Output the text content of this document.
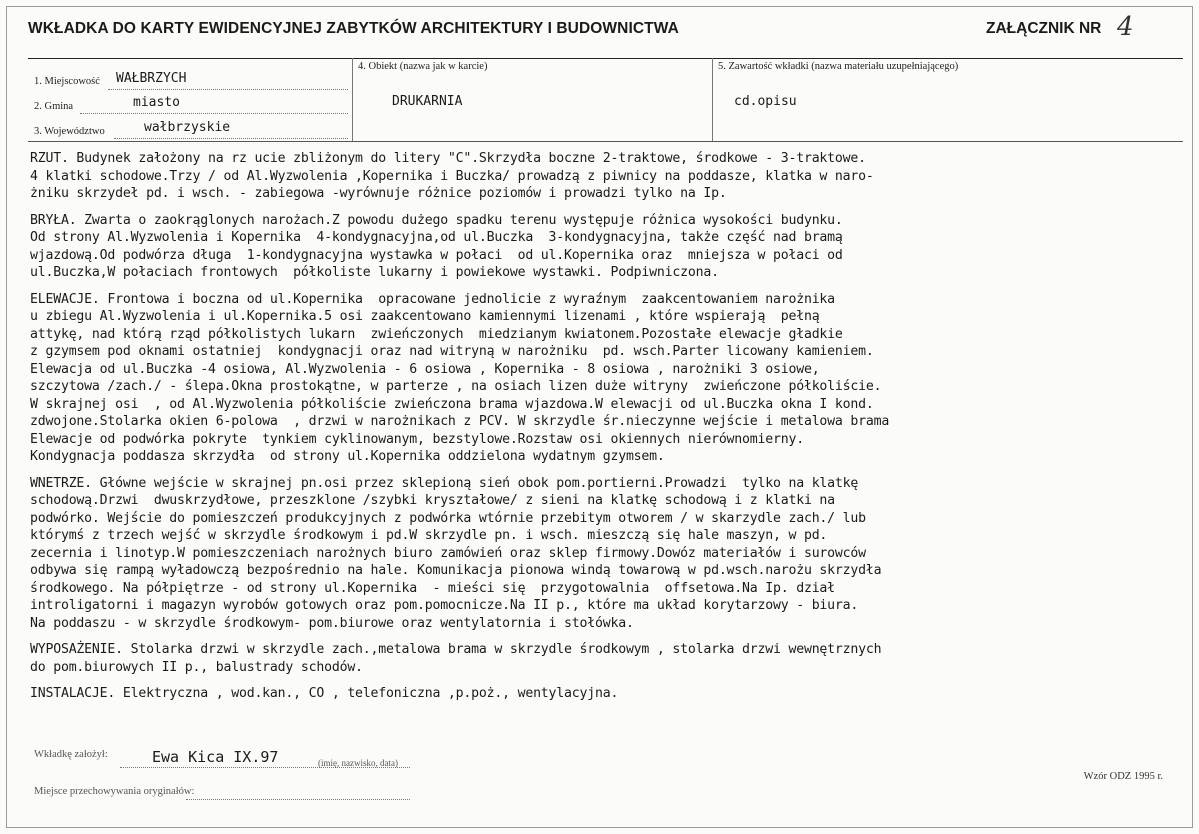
WKŁADKA DO KARTY EWIDENCYJNEJ ZABYTKÓW ARCHITEKTURY I BUDOWNICTWA	ZAŁĄCZNIK NR 4
1. Miejscowość WAŁBRZYCH
2. Gmina	miasto
3. Województwo	wałbrzyskie
4. Obiekt (nazwa jak w karcie)
DRUKARNIA
5. Zawartość wkładki (nazwa materiału uzupełniającego)
cd.opisu
RZUT. Budynek założony na rz ucie zbliżonym do litery "C".Skrzydła boczne 2-traktowe, środkowe - 3-traktowe.
4 klatki schodowe.Trzy / od Al.Wyzwolenia ,Kopernika i Buczka/ prowadzą z piwnicy na poddasze, klatka w naro-
żniku skrzydeł pd. i wsch. - zabiegowa -wyrównuje różnice poziomów i prowadzi tylko na Ip.
BRYŁA. Zwarta o zaokrąglonych narożach.Z powodu dużego spadku terenu występuje różnica wysokości budynku.
Od strony Al.Wyzwolenia i Kopernika  4-kondygnacyjna,od ul.Buczka  3-kondygnacyjna, także część nad bramą
wjazdową.Od podwórza długa  1-kondygnacyjna wystawka w połaci  od ul.Kopernika oraz  mniejsza w połaci od
ul.Buczka,W połaciach frontowych  półkoliste lukarny i powiekowe wystawki. Podpiwniczona.
ELEWACJE. Frontowa i boczna od ul.Kopernika  opracowane jednolicie z wyraźnym  zaakcentowaniem narożnika
u zbiegu Al.Wyzwolenia i ul.Kopernika.5 osi zaakcentowano kamiennymi lizenami , które wspierają  pełną
attykę, nad którą rząd półkolistych lukarn  zwieńczonych  miedzianym kwiatonem.Pozostałe elewacje gładkie
z gzymsem pod oknami ostatniej  kondygnacji oraz nad witryną w narożniku  pd. wsch.Parter licowany kamieniem.
Elewacja od ul.Buczka -4 osiowa, Al.Wyzwolenia - 6 osiowa , Kopernika - 8 osiowa , narożniki 3 osiowe,
szczytowa /zach./ - ślepa.Okna prostokątne, w parterze , na osiach lizen duże witryny  zwieńczone półkoliście.
W skrajnej osi  , od Al.Wyzwolenia półkoliście zwieńczona brama wjazdowa.W elewacji od ul.Buczka okna I kond.
zdwojone.Stolarka okien 6-polowa  , drzwi w narożnikach z PCV. W skrzydle śr.nieczynne wejście i metalowa brama
Elewacje od podwórka pokryte  tynkiem cyklinowanym, bezstylowe.Rozstaw osi okiennych nierównomierny.
Kondygnacja poddasza skrzydła  od strony ul.Kopernika oddzielona wydatnym gzymsem.
WNETRZE. Główne wejście w skrajnej pn.osi przez sklepioną sień obok pom.portierni.Prowadzi  tylko na klatkę
schodową.Drzwi  dwuskrzydłowe, przeszklone /szybki kryształowe/ z sieni na klatkę schodową i z klatki na
podwórko. Wejście do pomieszczeń produkcyjnych z podwórka wtórnie przebitym otworem / w skarzydle zach./ lub
którymś z trzech wejść w skrzydle środkowym i pd.W skrzydle pn. i wsch. mieszczą się hale maszyn, w pd.
zecernia i linotyp.W pomieszczeniach narożnych biuro zamówień oraz sklep firmowy.Dowóz materiałów i surowców
odbywa się rampą wyładowczą bezpośrednio na hale. Komunikacja pionowa windą towarową w pd.wsch.narożu skrzydła
środkowego. Na półpiętrze - od strony ul.Kopernika  - mieści się  przygotowalnia  offsetowa.Na Ip. dział
introligatorni i magazyn wyrobów gotowych oraz pom.pomocnicze.Na II p., które ma układ korytarzowy - biura.
Na poddaszu - w skrzydle środkowym- pom.biurowe oraz wentylatornia i stołówka.
WYPOSAŻENIE. Stolarka drzwi w skrzydle zach.,metalowa brama w skrzydle środkowym , stolarka drzwi wewnętrznych
do pom.biurowych II p., balustrady schodów.
INSTALACJE. Elektryczna , wod.kan., CO , telefoniczna ,p.poż., wentylacyjna.
Wkładkę założył:	Ewa Kica IX.97	(imię, nazwisko, data)
Miejsce przechowywania oryginałów:
Wzór ODZ 1995 r.
